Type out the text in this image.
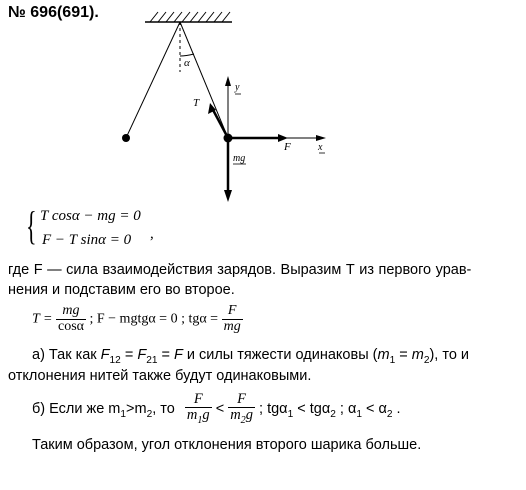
№ 696(691).
α
T
y
x
F
mg
{ T cosα − mg = 0
F − T sinα = 0 ,
где F — сила взаимодействия зарядов. Выразим Т из первого урав-
нения и подставим его во второе.
$T = \frac{mg}{\cos\alpha}$ ; F − mgtgα = 0 ; $tg\alpha = \frac{F}{mg}$
а) Так как $F_{12} = F_{21} = F$ и силы тяжести одинаковы $(m_1 = m_2)$, то и
отклонения нитей также будут одинаковыми.
б) Если же $m_1>m_2$, то $\frac{F}{m_1g} < \frac{F}{m_2g}$ ; tgα$_1$ < tgα$_2$ ; $\alpha_1 < \alpha_2$ .
Таким образом, угол отклонения второго шарика больше.
